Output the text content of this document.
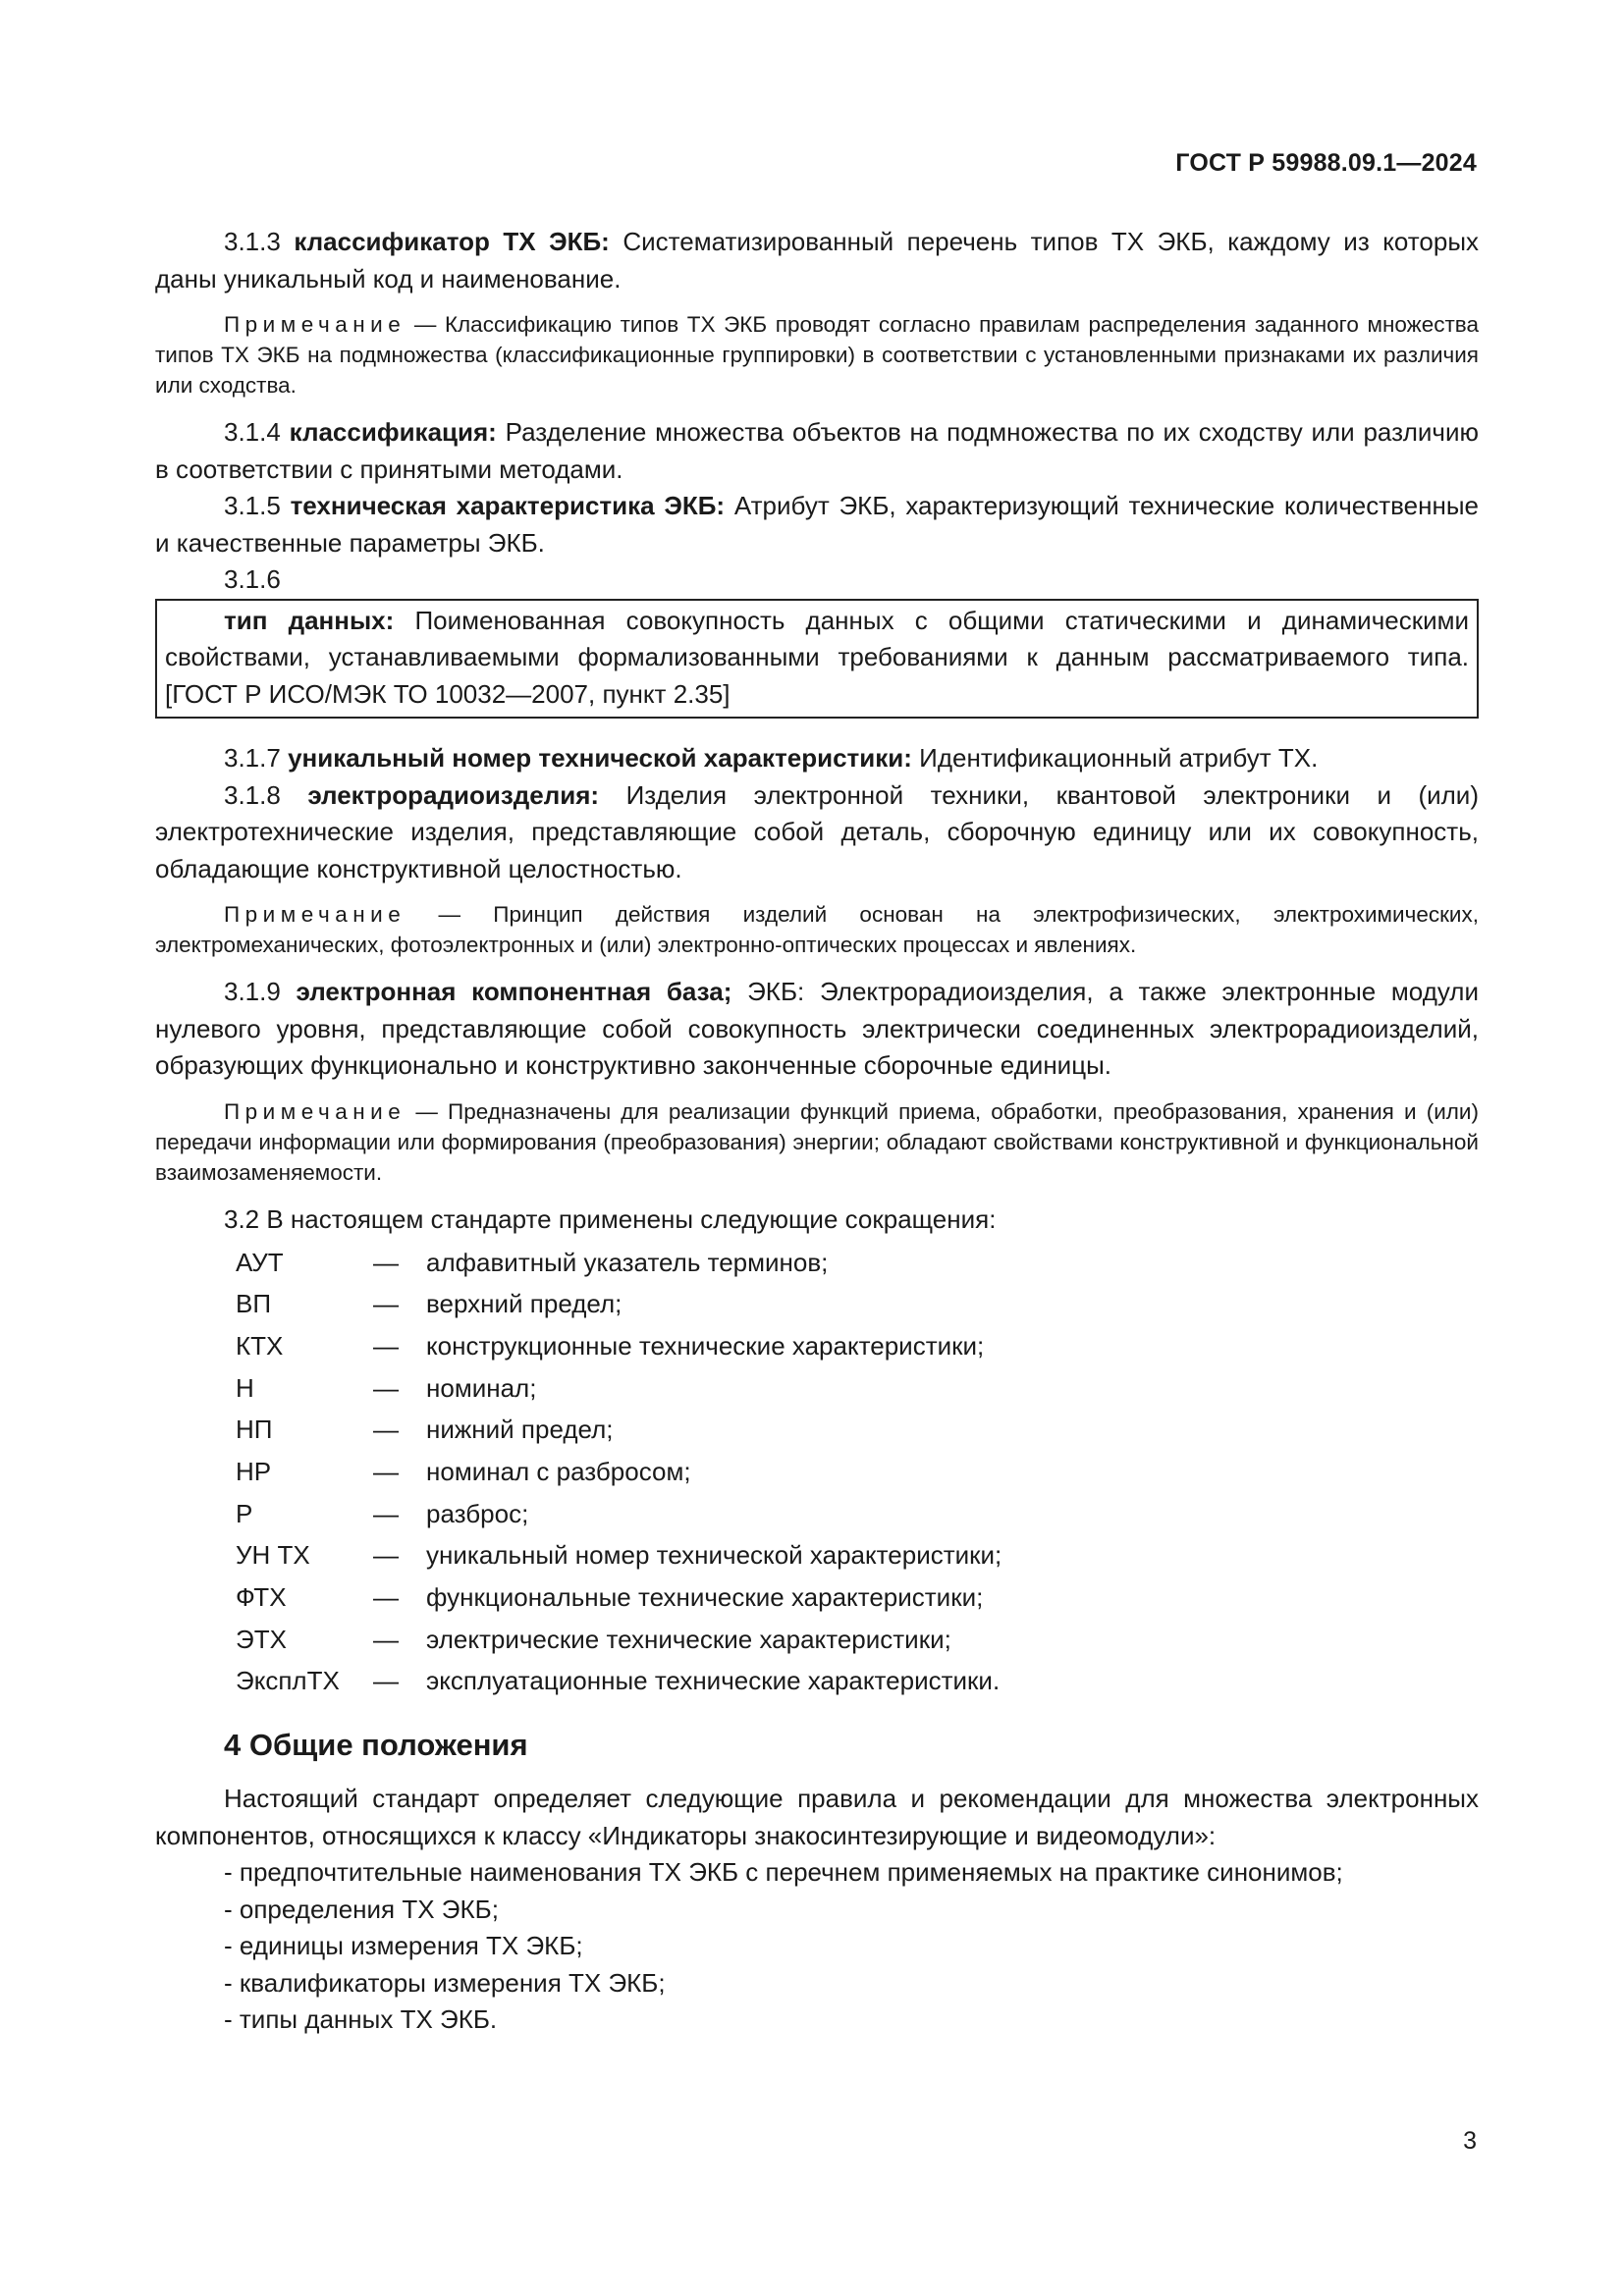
ГОСТ Р 59988.09.1—2024

3.1.3 классификатор ТХ ЭКБ: Систематизированный перечень типов ТХ ЭКБ, каждому из которых даны уникальный код и наименование.

Примечание — Классификацию типов ТХ ЭКБ проводят согласно правилам распределения заданного множества типов ТХ ЭКБ на подмножества (классификационные группировки) в соответствии с установленными признаками их различия или сходства.

3.1.4 классификация: Разделение множества объектов на подмножества по их сходству или различию в соответствии с принятыми методами.

3.1.5 техническая характеристика ЭКБ: Атрибут ЭКБ, характеризующий технические количественные и качественные параметры ЭКБ.

3.1.6

тип данных: Поименованная совокупность данных с общими статическими и динамическими свойствами, устанавливаемыми формализованными требованиями к данным рассматриваемого типа. [ГОСТ Р ИСО/МЭК ТО 10032—2007, пункт 2.35]

3.1.7 уникальный номер технической характеристики: Идентификационный атрибут ТХ.

3.1.8 электрорадиоизделия: Изделия электронной техники, квантовой электроники и (или) электротехнические изделия, представляющие собой деталь, сборочную единицу или их совокупность, обладающие конструктивной целостностью.

Примечание — Принцип действия изделий основан на электрофизических, электрохимических, электромеханических, фотоэлектронных и (или) электронно-оптических процессах и явлениях.

3.1.9 электронная компонентная база; ЭКБ: Электрорадиоизделия, а также электронные модули нулевого уровня, представляющие собой совокупность электрически соединенных электрорадиоизделий, образующих функционально и конструктивно законченные сборочные единицы.

Примечание — Предназначены для реализации функций приема, обработки, преобразования, хранения и (или) передачи информации или формирования (преобразования) энергии; обладают свойствами конструктивной и функциональной взаимозаменяемости.

3.2 В настоящем стандарте применены следующие сокращения:

АУТ	—	алфавитный указатель терминов;
ВП	—	верхний предел;
КТХ	—	конструкционные технические характеристики;
Н	—	номинал;
НП	—	нижний предел;
НР	—	номинал с разбросом;
Р	—	разброс;
УН ТХ	—	уникальный номер технической характеристики;
ФТХ	—	функциональные технические характеристики;
ЭТХ	—	электрические технические характеристики;
ЭксплТХ	—	эксплуатационные технические характеристики.
4 Общие положения

Настоящий стандарт определяет следующие правила и рекомендации для множества электронных компонентов, относящихся к классу «Индикаторы знакосинтезирующие и видеомодули»:

- предпочтительные наименования ТХ ЭКБ с перечнем применяемых на практике синонимов;

- определения ТХ ЭКБ;

- единицы измерения ТХ ЭКБ;

- квалификаторы измерения ТХ ЭКБ;

- типы данных ТХ ЭКБ.

3
